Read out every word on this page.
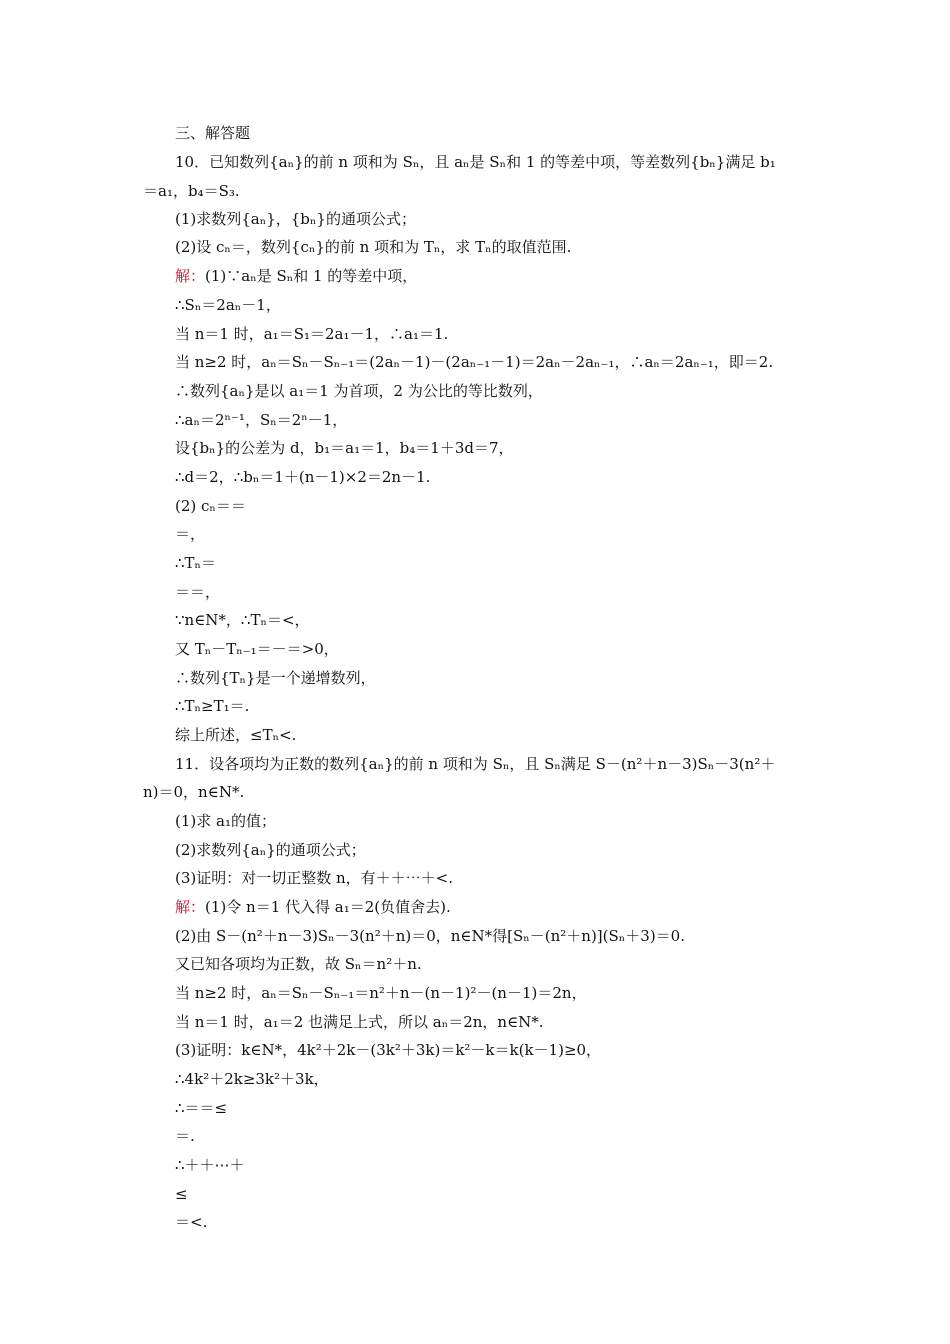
三、解答题
10．已知数列{aₙ}的前 n 项和为 Sₙ，且 aₙ是 Sₙ和 1 的等差中项，等差数列{bₙ}满足 b₁
＝a₁，b₄＝S₃.
(1)求数列{aₙ}，{bₙ}的通项公式；
(2)设 cₙ＝，数列{cₙ}的前 n 项和为 Tₙ，求 Tₙ的取值范围.
解：(1)∵aₙ是 Sₙ和 1 的等差中项，
∴Sₙ＝2aₙ－1，
当 n＝1 时，a₁＝S₁＝2a₁－1，∴a₁＝1.
当 n≥2 时，aₙ＝Sₙ－Sₙ₋₁＝(2aₙ－1)－(2aₙ₋₁－1)＝2aₙ－2aₙ₋₁，∴aₙ＝2aₙ₋₁，即＝2.
∴数列{aₙ}是以 a₁＝1 为首项，2 为公比的等比数列，
∴aₙ＝2ⁿ⁻¹，Sₙ＝2ⁿ－1，
设{bₙ}的公差为 d，b₁＝a₁＝1，b₄＝1＋3d＝7，
∴d＝2，∴bₙ＝1＋(n－1)×2＝2n－1.
(2) cₙ＝＝
＝，
∴Tₙ＝
＝＝，
∵n∈N*，∴Tₙ＝<，
又 Tₙ－Tₙ₋₁＝－＝>0，
∴数列{Tₙ}是一个递增数列，
∴Tₙ≥T₁＝.
综上所述，≤Tₙ<.
11．设各项均为正数的数列{aₙ}的前 n 项和为 Sₙ，且 Sₙ满足 S－(n²＋n－3)Sₙ－3(n²＋
n)＝0，n∈N*.
(1)求 a₁的值；
(2)求数列{aₙ}的通项公式；
(3)证明：对一切正整数 n，有＋＋⋯＋<.
解：(1)令 n＝1 代入得 a₁＝2(负值舍去).
(2)由 S－(n²＋n－3)Sₙ－3(n²＋n)＝0，n∈N*得[Sₙ－(n²＋n)](Sₙ＋3)＝0.
又已知各项均为正数，故 Sₙ＝n²＋n.
当 n≥2 时，aₙ＝Sₙ－Sₙ₋₁＝n²＋n－(n－1)²－(n－1)＝2n，
当 n＝1 时，a₁＝2 也满足上式，所以 aₙ＝2n，n∈N*.
(3)证明：k∈N*，4k²＋2k－(3k²＋3k)＝k²－k＝k(k－1)≥0，
∴4k²＋2k≥3k²＋3k，
∴＝＝≤
＝.
∴＋＋⋯＋
≤
＝<.
